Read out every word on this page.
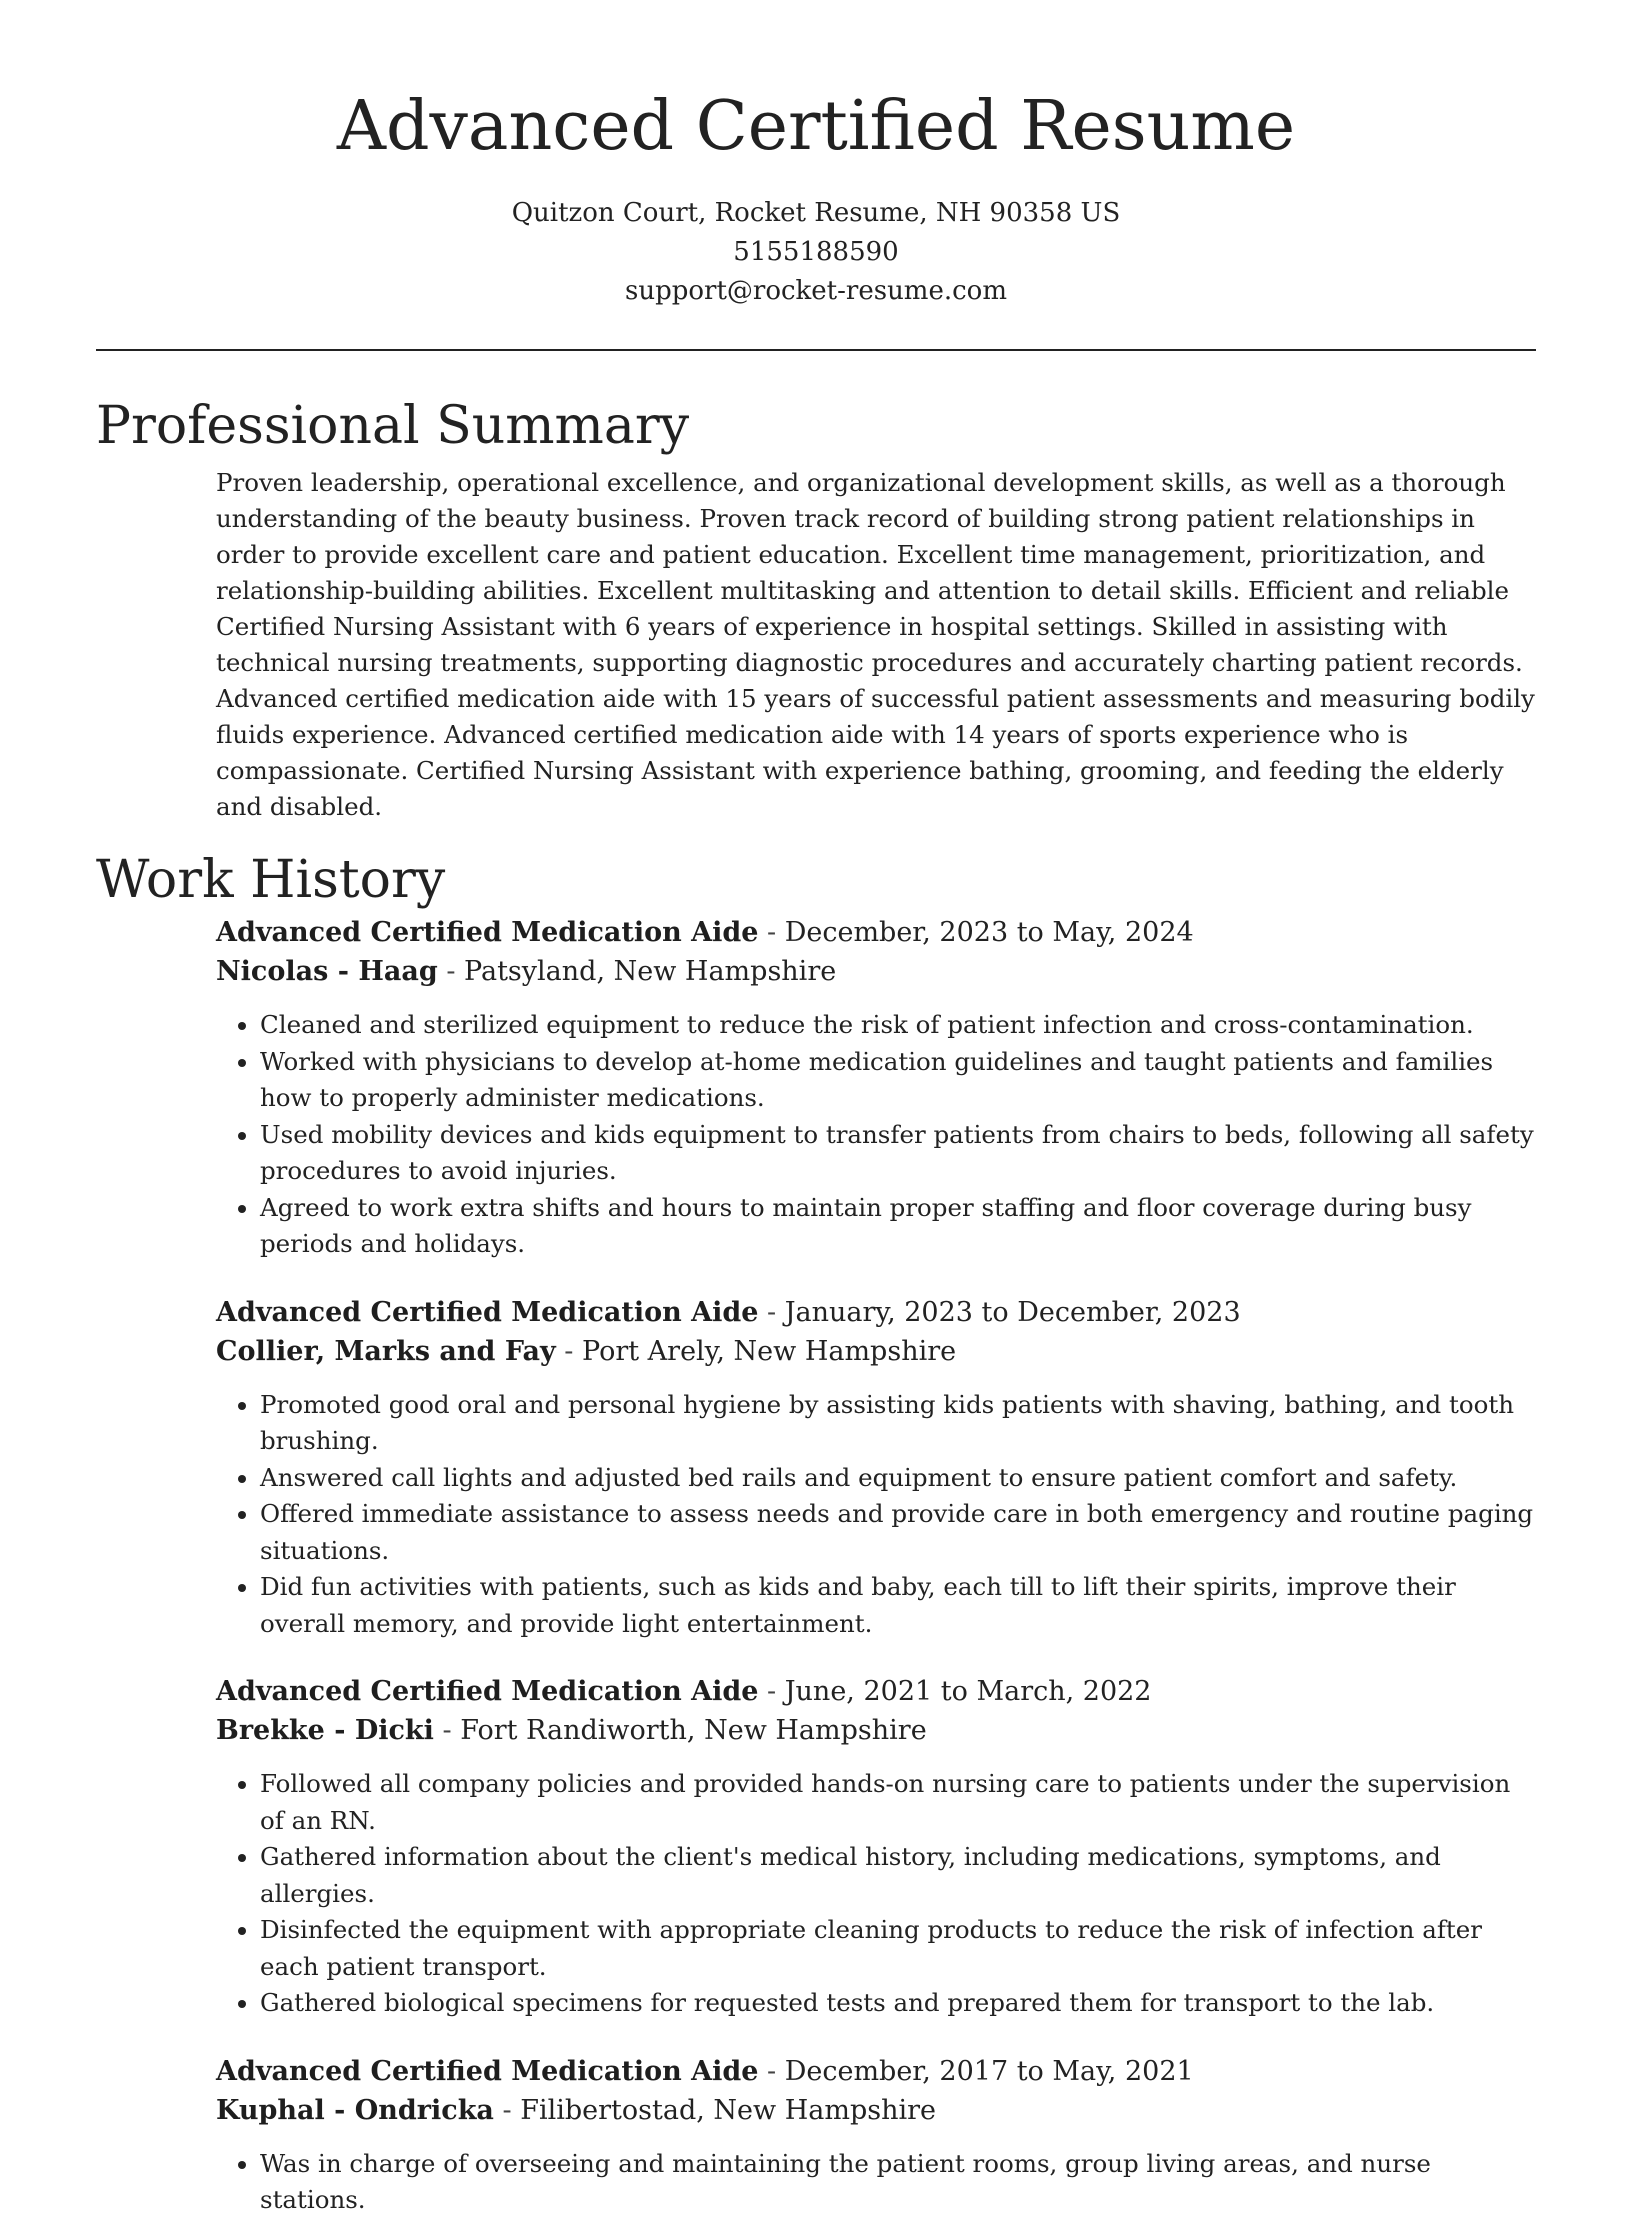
Advanced Certified Resume
Quitzon Court, Rocket Resume, NH 90358 US
5155188590
support@rocket-resume.com
Professional Summary

Proven leadership, operational excellence, and organizational development skills, as well as a thorough understanding of the beauty business. Proven track record of building strong patient relationships in order to provide excellent care and patient education. Excellent time management, prioritization, and relationship-building abilities. Excellent multitasking and attention to detail skills. Efficient and reliable Certified Nursing Assistant with 6 years of experience in hospital settings. Skilled in assisting with technical nursing treatments, supporting diagnostic procedures and accurately charting patient records. Advanced certified medication aide with 15 years of successful patient assessments and measuring bodily fluids experience. Advanced certified medication aide with 14 years of sports experience who is compassionate. Certified Nursing Assistant with experience bathing, grooming, and feeding the elderly and disabled.

Work History

Advanced Certified Medication Aide - December, 2023 to May, 2024

Nicolas - Haag - Patsyland, New Hampshire

• Cleaned and sterilized equipment to reduce the risk of patient infection and cross-contamination.
• Worked with physicians to develop at-home medication guidelines and taught patients and families how to properly administer medications.
• Used mobility devices and kids equipment to transfer patients from chairs to beds, following all safety procedures to avoid injuries.
• Agreed to work extra shifts and hours to maintain proper staffing and floor coverage during busy periods and holidays.

Advanced Certified Medication Aide - January, 2023 to December, 2023

Collier, Marks and Fay - Port Arely, New Hampshire

• Promoted good oral and personal hygiene by assisting kids patients with shaving, bathing, and tooth brushing.
• Answered call lights and adjusted bed rails and equipment to ensure patient comfort and safety.
• Offered immediate assistance to assess needs and provide care in both emergency and routine paging situations.
• Did fun activities with patients, such as kids and baby, each till to lift their spirits, improve their overall memory, and provide light entertainment.

Advanced Certified Medication Aide - June, 2021 to March, 2022

Brekke - Dicki - Fort Randiworth, New Hampshire

• Followed all company policies and provided hands-on nursing care to patients under the supervision of an RN.
• Gathered information about the client's medical history, including medications, symptoms, and allergies.
• Disinfected the equipment with appropriate cleaning products to reduce the risk of infection after each patient transport.
• Gathered biological specimens for requested tests and prepared them for transport to the lab.

Advanced Certified Medication Aide - December, 2017 to May, 2021

Kuphal - Ondricka - Filibertostad, New Hampshire

• Was in charge of overseeing and maintaining the patient rooms, group living areas, and nurse stations.
